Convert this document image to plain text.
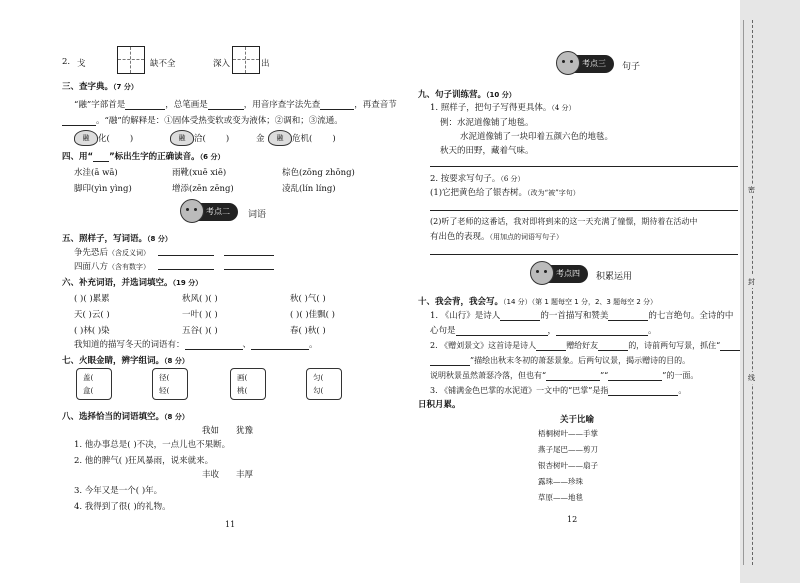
2. 戈	缺不全	深入	出
三、查字典。（7 分）
“融”字部首是	，总笔画是	，用音序查字法先查	，再查音节
。“融”的解释是：①固体受热变软或变为液体；②调和；③流通。
融	化( )	融	洽( )	金	融	危机( )
四、用“ ”标出生字的正确读音。（6 分）
水洼(ā wā)	雨靴(xuē xiē)	棕色(zōng zhōng)
脚印(yìn yìng)	增添(zēn zēng)	凌乱(lín líng)
考点二	词语
五、照样子，写词语。（8 分）
争先恐后（含反义词）
四面八方（含有数字）
六、补充词语，并选词填空。（19 分）
( )( )累累	秋风( )( )	秋( )气( )
天( )云( )	一叶( )( )	( )( )佳飘( )
( )林( )染	五谷( )( )	春( )秋( )
我知道的描写冬天的词语有：	、	。
七、火眼金睛，辨字组词。（8 分）
盖(
盒(
径(
轻(
画(
桃(
匀(
勾(
八、选择恰当的词语填空。（8 分）
我如 犹豫
1. 他办事总是( )不决，一点儿也不果断。
2. 他的脾气( )狂风暴雨，说来就来。
丰收 丰厚
3. 今年又是一个( )年。
4. 我得到了很( )的礼物。
11
考点三	句子
九、句子训练营。（10 分）
1. 照样子，把句子写得更具体。（4 分）
例：水泥道像铺了地毯。
水泥道像铺了一块印着五颜六色的地毯。
秋天的田野，藏着气味。
2. 按要求写句子。（6 分）
(1)它把黄色给了银杏树。（改为“被”字句）
(2)听了老师的这番话，我对即将到来的这一天充满了憧憬，期待着在活动中
有出色的表现。（用加点的词语写句子）
考点四	积累运用
十、我会背，我会写。（14 分）（第 1 题每空 1 分，2、3 题每空 2 分）
1. 《山行》是诗人	的一首描写和赞美	的七言绝句。全诗的中
心句是	，	。
2. 《赠刘景文》这首诗是诗人	赠给好友	的，诗前两句写景，抓住“
”描绘出秋末冬初的萧瑟景象。后两句议景，揭示赠诗的目的。
说明秋景虽然萧瑟冷落，但也有“	”“	”的一面。
3. 《铺满金色巴掌的水泥道》一文中的“巴掌”是指	。
日积月累。
关于比喻
梧桐树叶——手掌
燕子尾巴——剪刀
银杏树叶——扇子
露珠——珍珠
草原——地毯
12
密
封
线
